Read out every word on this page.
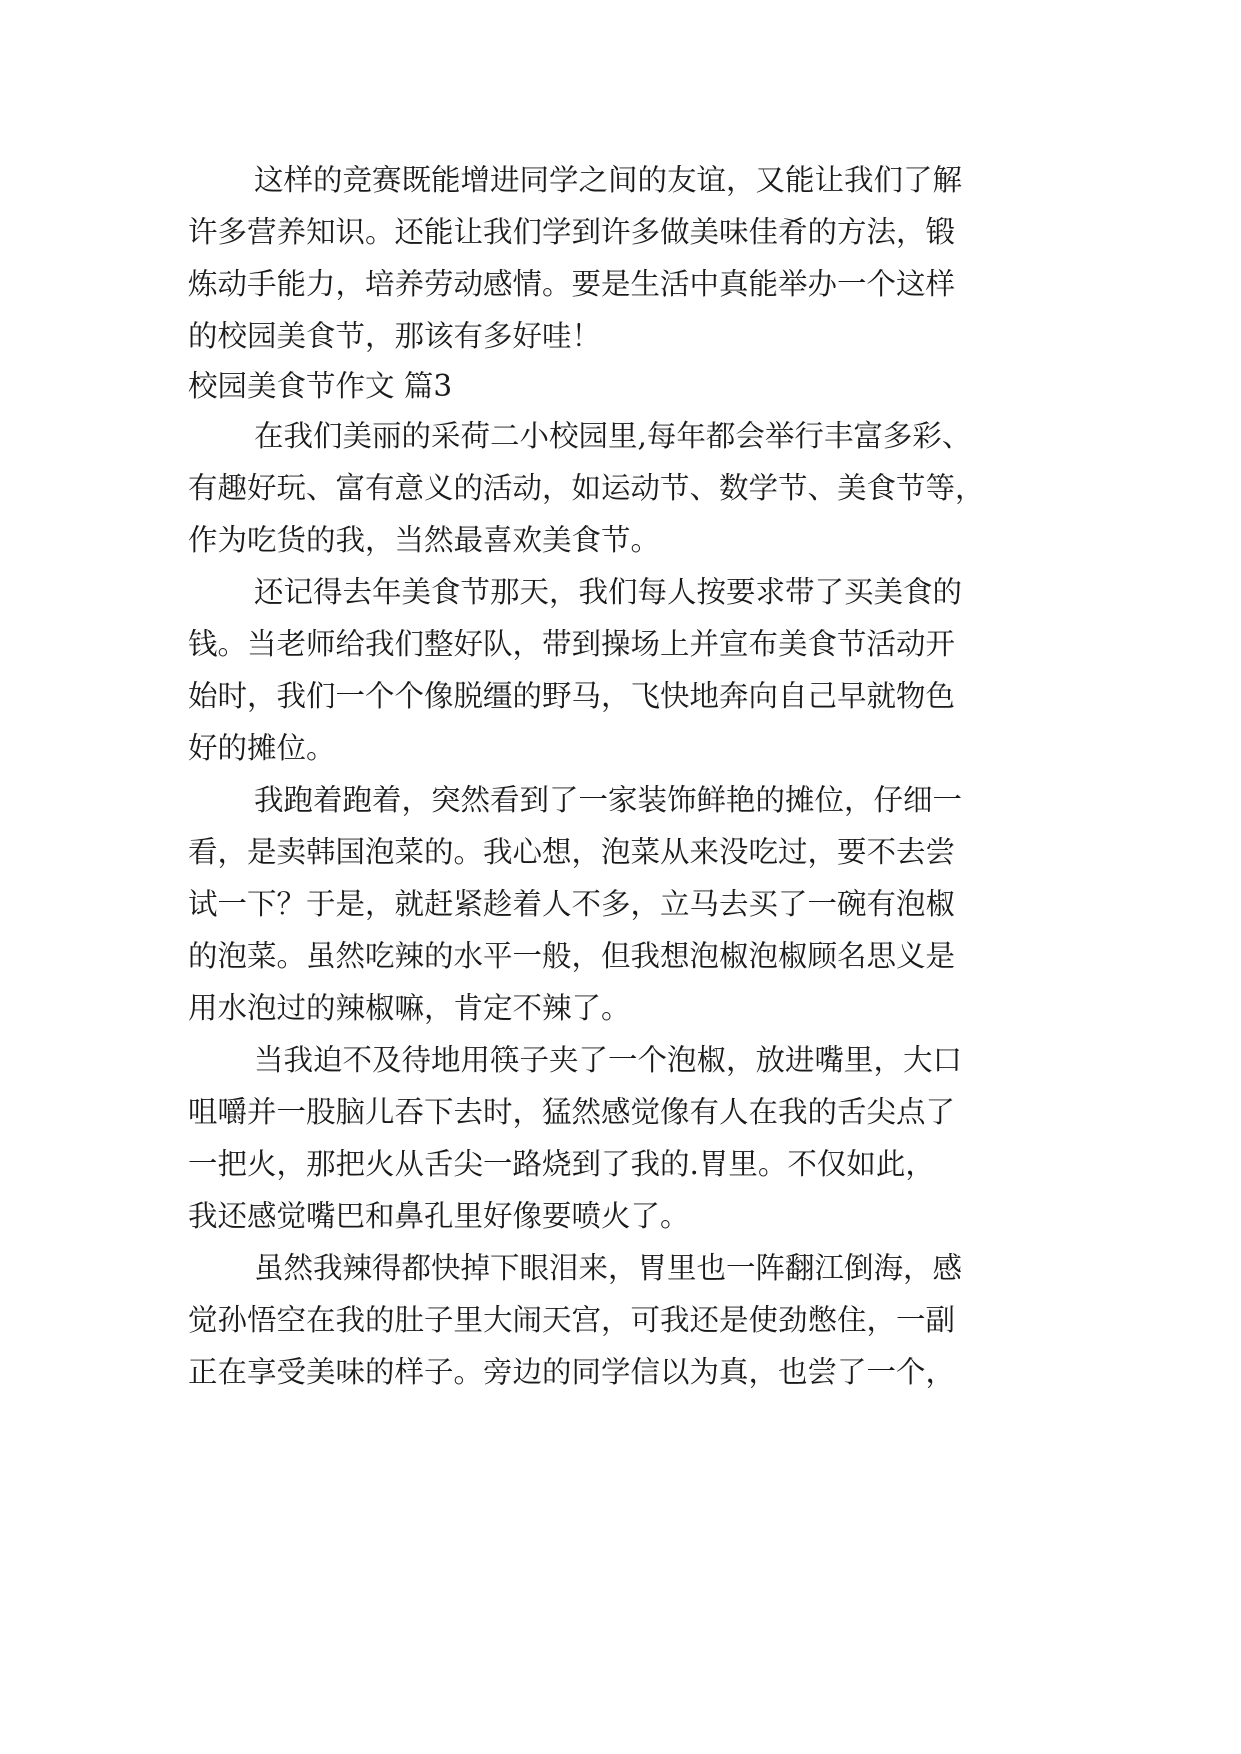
这样的竞赛既能增进同学之间的友谊，又能让我们了解
许多营养知识。还能让我们学到许多做美味佳肴的方法，锻
炼动手能力，培养劳动感情。要是生活中真能举办一个这样
的校园美食节，那该有多好哇！
校园美食节作文 篇3
在我们美丽的采荷二小校园里,每年都会举行丰富多彩、
有趣好玩、富有意义的活动，如运动节、数学节、美食节等，
作为吃货的我，当然最喜欢美食节。
还记得去年美食节那天，我们每人按要求带了买美食的
钱。当老师给我们整好队，带到操场上并宣布美食节活动开
始时，我们一个个像脱缰的野马，飞快地奔向自己早就物色
好的摊位。
我跑着跑着，突然看到了一家装饰鲜艳的摊位，仔细一
看，是卖韩国泡菜的。我心想，泡菜从来没吃过，要不去尝
试一下？于是，就赶紧趁着人不多，立马去买了一碗有泡椒
的泡菜。虽然吃辣的水平一般，但我想泡椒泡椒顾名思义是
用水泡过的辣椒嘛，肯定不辣了。
当我迫不及待地用筷子夹了一个泡椒，放进嘴里，大口
咀嚼并一股脑儿吞下去时，猛然感觉像有人在我的舌尖点了
一把火，那把火从舌尖一路烧到了我的.胃里。不仅如此，
我还感觉嘴巴和鼻孔里好像要喷火了。
虽然我辣得都快掉下眼泪来，胃里也一阵翻江倒海，感
觉孙悟空在我的肚子里大闹天宫，可我还是使劲憋住，一副
正在享受美味的样子。旁边的同学信以为真，也尝了一个，
